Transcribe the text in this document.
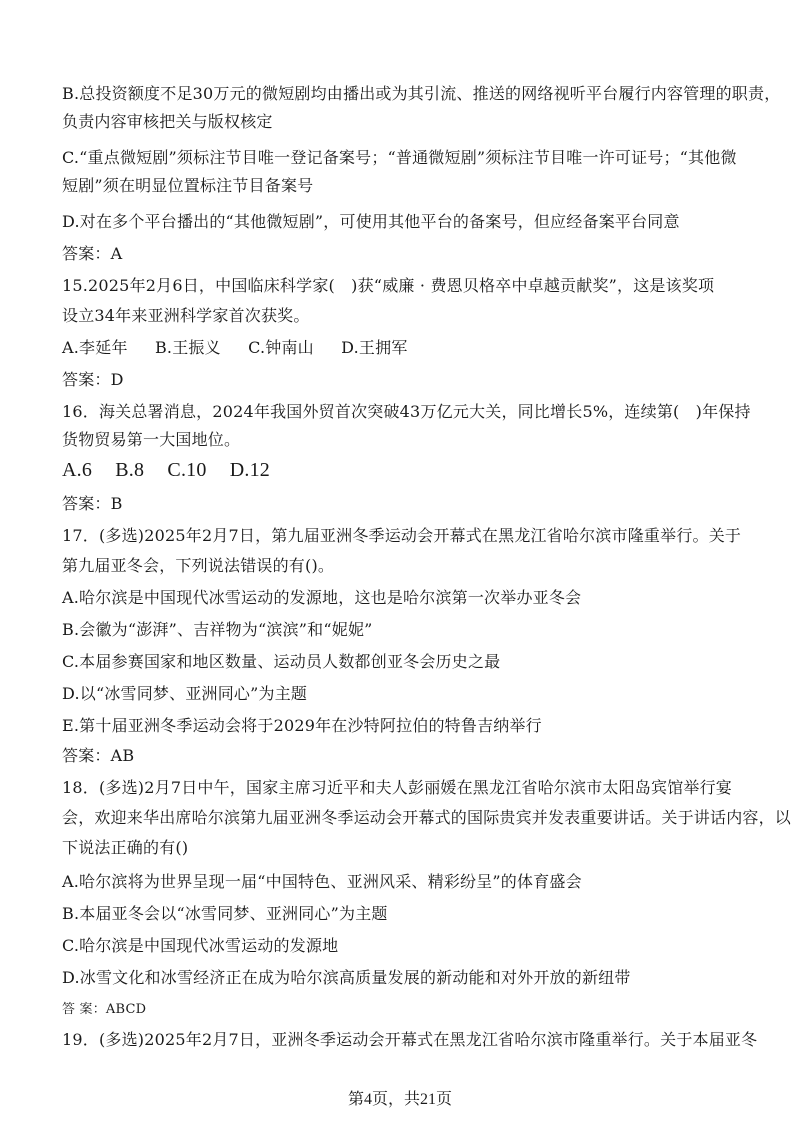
B.总投资额度不足30万元的微短剧均由播出或为其引流、推送的网络视听平台履行内容管理的职责，
负责内容审核把关与版权核定
C.“重点微短剧”须标注节目唯一登记备案号；“普通微短剧”须标注节目唯一许可证号；“其他微
短剧”须在明显位置标注节目备案号
D.对在多个平台播出的“其他微短剧”，可使用其他平台的备案号，但应经备案平台同意
答案：A
15.2025年2月6日，中国临床科学家(　)获“威廉 · 费恩贝格卒中卓越贡献奖”，这是该奖项
设立34年来亚洲科学家首次获奖。
A.李延年 B.王振义 C.钟南山 D.王拥军
答案：D
16．海关总署消息，2024年我国外贸首次突破43万亿元大关，同比增长5%，连续第(　)年保持
货物贸易第一大国地位。
A.6 B.8 C.10 D.12
答案：B
17．(多选)2025年2月7日，第九届亚洲冬季运动会开幕式在黑龙江省哈尔滨市隆重举行。关于
第九届亚冬会，下列说法错误的有()。
A.哈尔滨是中国现代冰雪运动的发源地，这也是哈尔滨第一次举办亚冬会
B.会徽为“澎湃”、吉祥物为“滨滨”和“妮妮”
C.本届参赛国家和地区数量、运动员人数都创亚冬会历史之最
D.以“冰雪同梦、亚洲同心”为主题
E.第十届亚洲冬季运动会将于2029年在沙特阿拉伯的特鲁吉纳举行
答案：AB
18．(多选)2月7日中午，国家主席习近平和夫人彭丽媛在黑龙江省哈尔滨市太阳岛宾馆举行宴
会，欢迎来华出席哈尔滨第九届亚洲冬季运动会开幕式的国际贵宾并发表重要讲话。关于讲话内容，以
下说法正确的有()
A.哈尔滨将为世界呈现一届“中国特色、亚洲风采、精彩纷呈”的体育盛会
B.本届亚冬会以“冰雪同梦、亚洲同心”为主题
C.哈尔滨是中国现代冰雪运动的发源地
D.冰雪文化和冰雪经济正在成为哈尔滨高质量发展的新动能和对外开放的新纽带
答 案：ABCD
19．(多选)2025年2月7日，亚洲冬季运动会开幕式在黑龙江省哈尔滨市隆重举行。关于本届亚冬
第4页，共21页
